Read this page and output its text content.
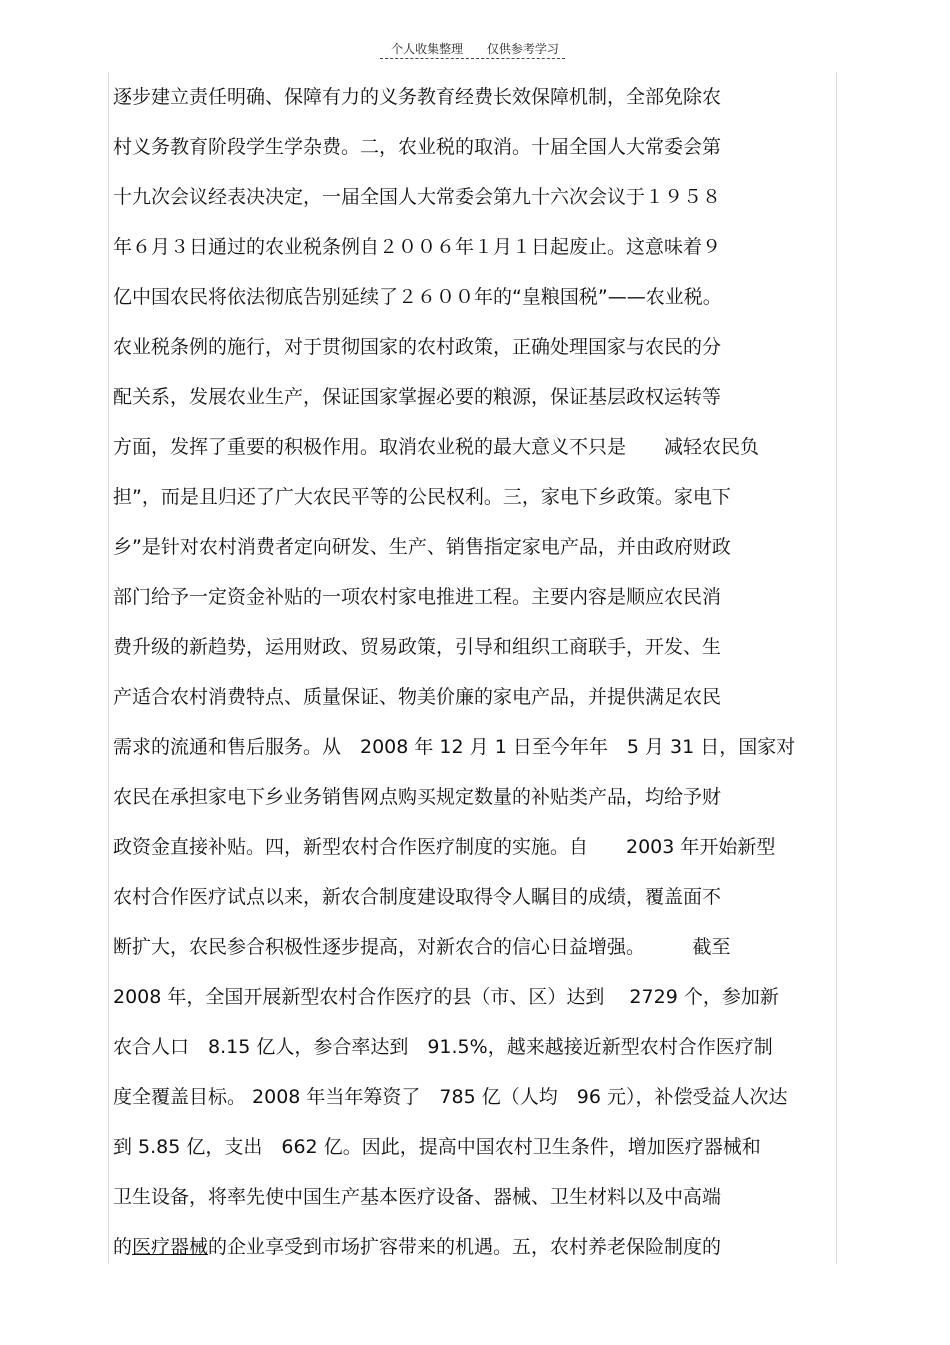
个人收集整理 仅供参考学习
逐步建立责任明确、保障有力的义务教育经费长效保障机制，全部免除农
村义务教育阶段学生学杂费。二，农业税的取消。十届全国人大常委会第
十九次会议经表决决定，一届全国人大常委会第九十六次会议于１９５８
年６月３日通过的农业税条例自２００６年１月１日起废止。这意味着９
亿中国农民将依法彻底告别延续了２６００年的“皇粮国税”——农业税。
农业税条例的施行，对于贯彻国家的农村政策，正确处理国家与农民的分
配关系，发展农业生产，保证国家掌握必要的粮源，保证基层政权运转等
方面，发挥了重要的积极作用。取消农业税的最大意义不只是　　减轻农民负
担”，而是且归还了广大农民平等的公民权利。三，家电下乡政策。家电下
乡”是针对农村消费者定向研发、生产、销售指定家电产品，并由政府财政
部门给予一定资金补贴的一项农村家电推进工程。主要内容是顺应农民消
费升级的新趋势，运用财政、贸易政策，引导和组织工商联手，开发、生
产适合农村消费特点、质量保证、物美价廉的家电产品，并提供满足农民
需求的流通和售后服务。从　2008 年 12 月 1 日至今年年　5 月 31 日，国家对
农民在承担家电下乡业务销售网点购买规定数量的补贴类产品，均给予财
政资金直接补贴。四，新型农村合作医疗制度的实施。自　　2003 年开始新型
农村合作医疗试点以来，新农合制度建设取得令人瞩目的成绩，覆盖面不
断扩大，农民参合积极性逐步提高，对新农合的信心日益增强。　　　截至
2008 年，全国开展新型农村合作医疗的县（市、区）达到　 2729 个，参加新
农合人口　8.15 亿人，参合率达到　91.5%，越来越接近新型农村合作医疗制
度全覆盖目标。 2008 年当年筹资了　785 亿（人均　96 元），补偿受益人次达
到 5.85 亿，支出　662 亿。因此，提高中国农村卫生条件，增加医疗器械和
卫生设备，将率先使中国生产基本医疗设备、器械、卫生材料以及中高端
的医疗器械的企业享受到市场扩容带来的机遇。五，农村养老保险制度的
